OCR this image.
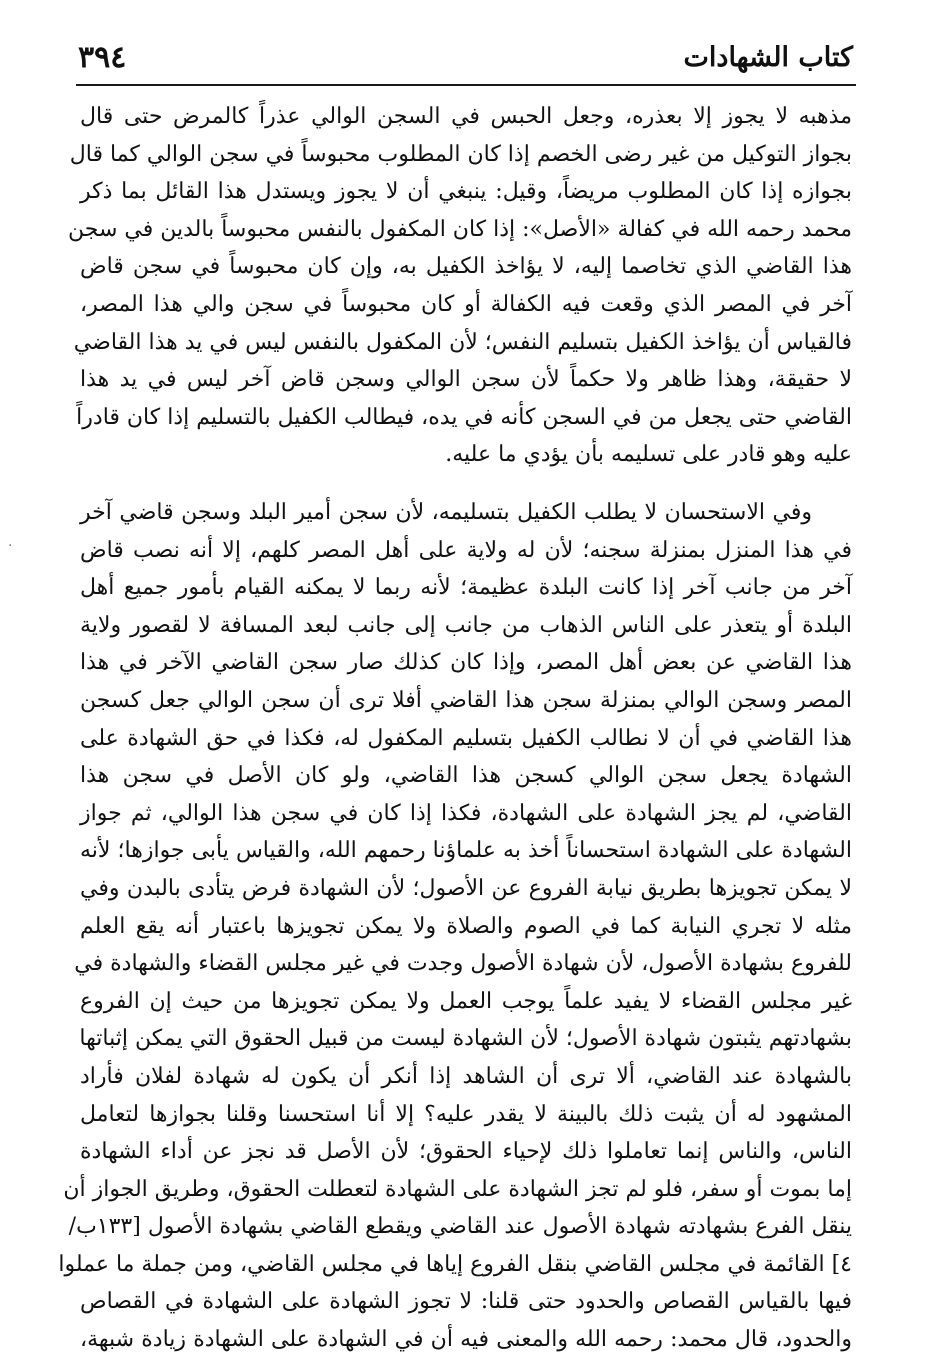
٣٩٤	كتاب الشهادات
مذهبه لا يجوز إلا بعذره، وجعل الحبس في السجن الوالي عذراً كالمرض حتى قال
بجواز التوكيل من غير رضى الخصم إذا كان المطلوب محبوساً في سجن الوالي كما قال
بجوازه إذا كان المطلوب مريضاً، وقيل: ينبغي أن لا يجوز ويستدل هذا القائل بما ذكر
محمد رحمه الله في كفالة «الأصل»: إذا كان المكفول بالنفس محبوساً بالدين في سجن
هذا القاضي الذي تخاصما إليه، لا يؤاخذ الكفيل به، وإن كان محبوساً في سجن قاض
آخر في المصر الذي وقعت فيه الكفالة أو كان محبوساً في سجن والي هذا المصر،
فالقياس أن يؤاخذ الكفيل بتسليم النفس؛ لأن المكفول بالنفس ليس في يد هذا القاضي
لا حقيقة، وهذا ظاهر ولا حكماً لأن سجن الوالي وسجن قاض آخر ليس في يد هذا
القاضي حتى يجعل من في السجن كأنه في يده، فيطالب الكفيل بالتسليم إذا كان قادراً
عليه وهو قادر على تسليمه بأن يؤدي ما عليه.
وفي الاستحسان لا يطلب الكفيل بتسليمه، لأن سجن أمير البلد وسجن قاضي آخر
في هذا المنزل بمنزلة سجنه؛ لأن له ولاية على أهل المصر كلهم، إلا أنه نصب قاض
آخر من جانب آخر إذا كانت البلدة عظيمة؛ لأنه ربما لا يمكنه القيام بأمور جميع أهل
البلدة أو يتعذر على الناس الذهاب من جانب إلى جانب لبعد المسافة لا لقصور ولاية
هذا القاضي عن بعض أهل المصر، وإذا كان كذلك صار سجن القاضي الآخر في هذا
المصر وسجن الوالي بمنزلة سجن هذا القاضي أفلا ترى أن سجن الوالي جعل كسجن
هذا القاضي في أن لا نطالب الكفيل بتسليم المكفول له، فكذا في حق الشهادة على
الشهادة يجعل سجن الوالي كسجن هذا القاضي، ولو كان الأصل في سجن هذا
القاضي، لم يجز الشهادة على الشهادة، فكذا إذا كان في سجن هذا الوالي، ثم جواز
الشهادة على الشهادة استحساناً أخذ به علماؤنا رحمهم الله، والقياس يأبى جوازها؛ لأنه
لا يمكن تجويزها بطريق نيابة الفروع عن الأصول؛ لأن الشهادة فرض يتأدى بالبدن وفي
مثله لا تجري النيابة كما في الصوم والصلاة ولا يمكن تجويزها باعتبار أنه يقع العلم
للفروع بشهادة الأصول، لأن شهادة الأصول وجدت في غير مجلس القضاء والشهادة في
غير مجلس القضاء لا يفيد علماً يوجب العمل ولا يمكن تجويزها من حيث إن الفروع
بشهادتهم يثبتون شهادة الأصول؛ لأن الشهادة ليست من قبيل الحقوق التي يمكن إثباتها
بالشهادة عند القاضي، ألا ترى أن الشاهد إذا أنكر أن يكون له شهادة لفلان فأراد
المشهود له أن يثبت ذلك بالبينة لا يقدر عليه؟ إلا أنا استحسنا وقلنا بجوازها لتعامل
الناس، والناس إنما تعاملوا ذلك لإحياء الحقوق؛ لأن الأصل قد نجز عن أداء الشهادة
إما بموت أو سفر، فلو لم تجز الشهادة على الشهادة لتعطلت الحقوق، وطريق الجواز أن
ينقل الفرع بشهادته شهادة الأصول عند القاضي ويقطع القاضي بشهادة الأصول [١٣٣ب/
٤] القائمة في مجلس القاضي بنقل الفروع إياها في مجلس القاضي، ومن جملة ما عملوا
فيها بالقياس القصاص والحدود حتى قلنا: لا تجوز الشهادة على الشهادة في القصاص
والحدود، قال محمد: رحمه الله والمعنى فيه أن في الشهادة على الشهادة زيادة شبهة،
·
